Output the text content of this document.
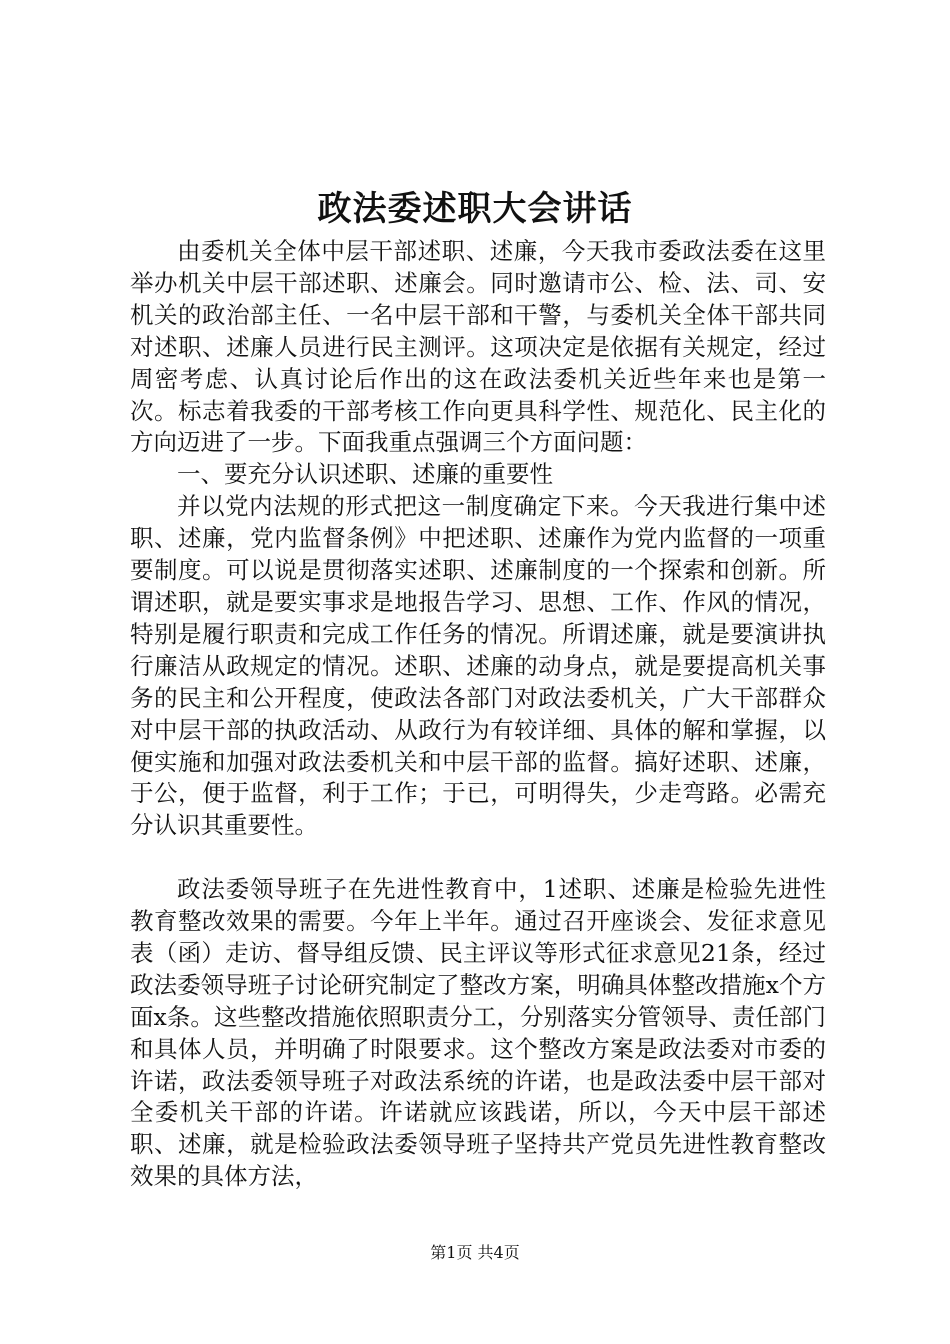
政法委述职大会讲话

由委机关全体中层干部述职、述廉，今天我市委政法委在这里举办机关中层干部述职、述廉会。同时邀请市公、检、法、司、安机关的政治部主任、一名中层干部和干警，与委机关全体干部共同对述职、述廉人员进行民主测评。这项决定是依据有关规定，经过周密考虑、认真讨论后作出的这在政法委机关近些年来也是第一次。标志着我委的干部考核工作向更具科学性、规范化、民主化的方向迈进了一步。下面我重点强调三个方面问题：

一、要充分认识述职、述廉的重要性

并以党内法规的形式把这一制度确定下来。今天我进行集中述职、述廉，党内监督条例》中把述职、述廉作为党内监督的一项重要制度。可以说是贯彻落实述职、述廉制度的一个探索和创新。所谓述职，就是要实事求是地报告学习、思想、工作、作风的情况，特别是履行职责和完成工作任务的情况。所谓述廉，就是要演讲执行廉洁从政规定的情况。述职、述廉的动身点，就是要提高机关事务的民主和公开程度，使政法各部门对政法委机关，广大干部群众对中层干部的执政活动、从政行为有较详细、具体的解和掌握，以便实施和加强对政法委机关和中层干部的监督。搞好述职、述廉，于公，便于监督，利于工作；于已，可明得失，少走弯路。必需充分认识其重要性。

政法委领导班子在先进性教育中，1述职、述廉是检验先进性教育整改效果的需要。今年上半年。通过召开座谈会、发征求意见表（函）走访、督导组反馈、民主评议等形式征求意见21条，经过政法委领导班子讨论研究制定了整改方案，明确具体整改措施x个方面x条。这些整改措施依照职责分工，分别落实分管领导、责任部门和具体人员，并明确了时限要求。这个整改方案是政法委对市委的许诺，政法委领导班子对政法系统的许诺，也是政法委中层干部对全委机关干部的许诺。许诺就应该践诺，所以，今天中层干部述职、述廉，就是检验政法委领导班子坚持共产党员先进性教育整改效果的具体方法，

第1页 共4页
